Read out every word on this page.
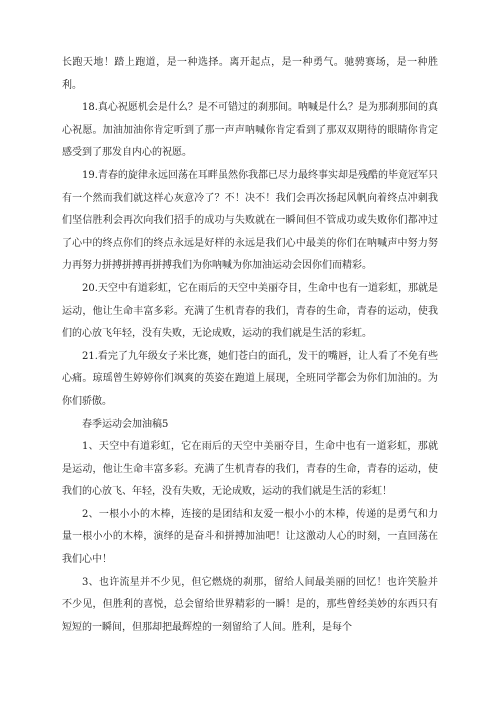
长跑天地！踏上跑道，是一种选择。离开起点，是一种勇气。驰骋赛场，是一种胜利。

18.真心祝愿机会是什么？是不可错过的刹那间。呐喊是什么？是为那刹那间的真心祝愿。加油加油你肯定听到了那一声声呐喊你肯定看到了那双双期待的眼睛你肯定感受到了那发自内心的祝愿。

19.青春的旋律永远回荡在耳畔虽然你我都已尽力最终事实却是残酷的毕竟冠军只有一个然而我们就这样心灰意冷了？不！决不！我们会再次扬起风帆向着终点冲刺我们坚信胜利会再次向我们招手的成功与失败就在一瞬间但不管成功或失败你们都冲过了心中的终点你们的终点永远是好样的永远是我们心中最美的你们在呐喊声中努力努力再努力拼搏拼搏再拼搏我们为你呐喊为你加油运动会因你们而精彩。

20.天空中有道彩虹，它在雨后的天空中美丽夺目，生命中也有一道彩虹，那就是运动，他让生命丰富多彩。充满了生机青春的我们，青春的生命，青春的运动，使我们的心放飞年轻，没有失败，无论成败，运动的我们就是生活的彩虹。

21.看完了九年级女子米比赛，她们苍白的面孔，发干的嘴唇，让人看了不免有些心痛。琼瑶曾生婷婷你们飒爽的英姿在跑道上展现，全班同学都会为你们加油的。为你们骄傲。

春季运动会加油稿5

1、天空中有道彩虹，它在雨后的天空中美丽夺目，生命中也有一道彩虹，那就是运动，他让生命丰富多彩。充满了生机青春的我们，青春的生命，青春的运动，使我们的心放飞、年轻，没有失败，无论成败，运动的我们就是生活的彩虹！

2、一根小小的木棒，连接的是团结和友爱一根小小的木棒，传递的是勇气和力量一根小小的木棒，演绎的是奋斗和拼搏加油吧！让这激动人心的时刻，一直回荡在我们心中！

3、也许流星并不少见，但它燃烧的刹那，留给人间最美丽的回忆！也许笑脸并不少见，但胜利的喜悦，总会留给世界精彩的一瞬！是的，那些曾经美妙的东西只有短短的一瞬间，但那却把最辉煌的一刻留给了人间。胜利，是每个
